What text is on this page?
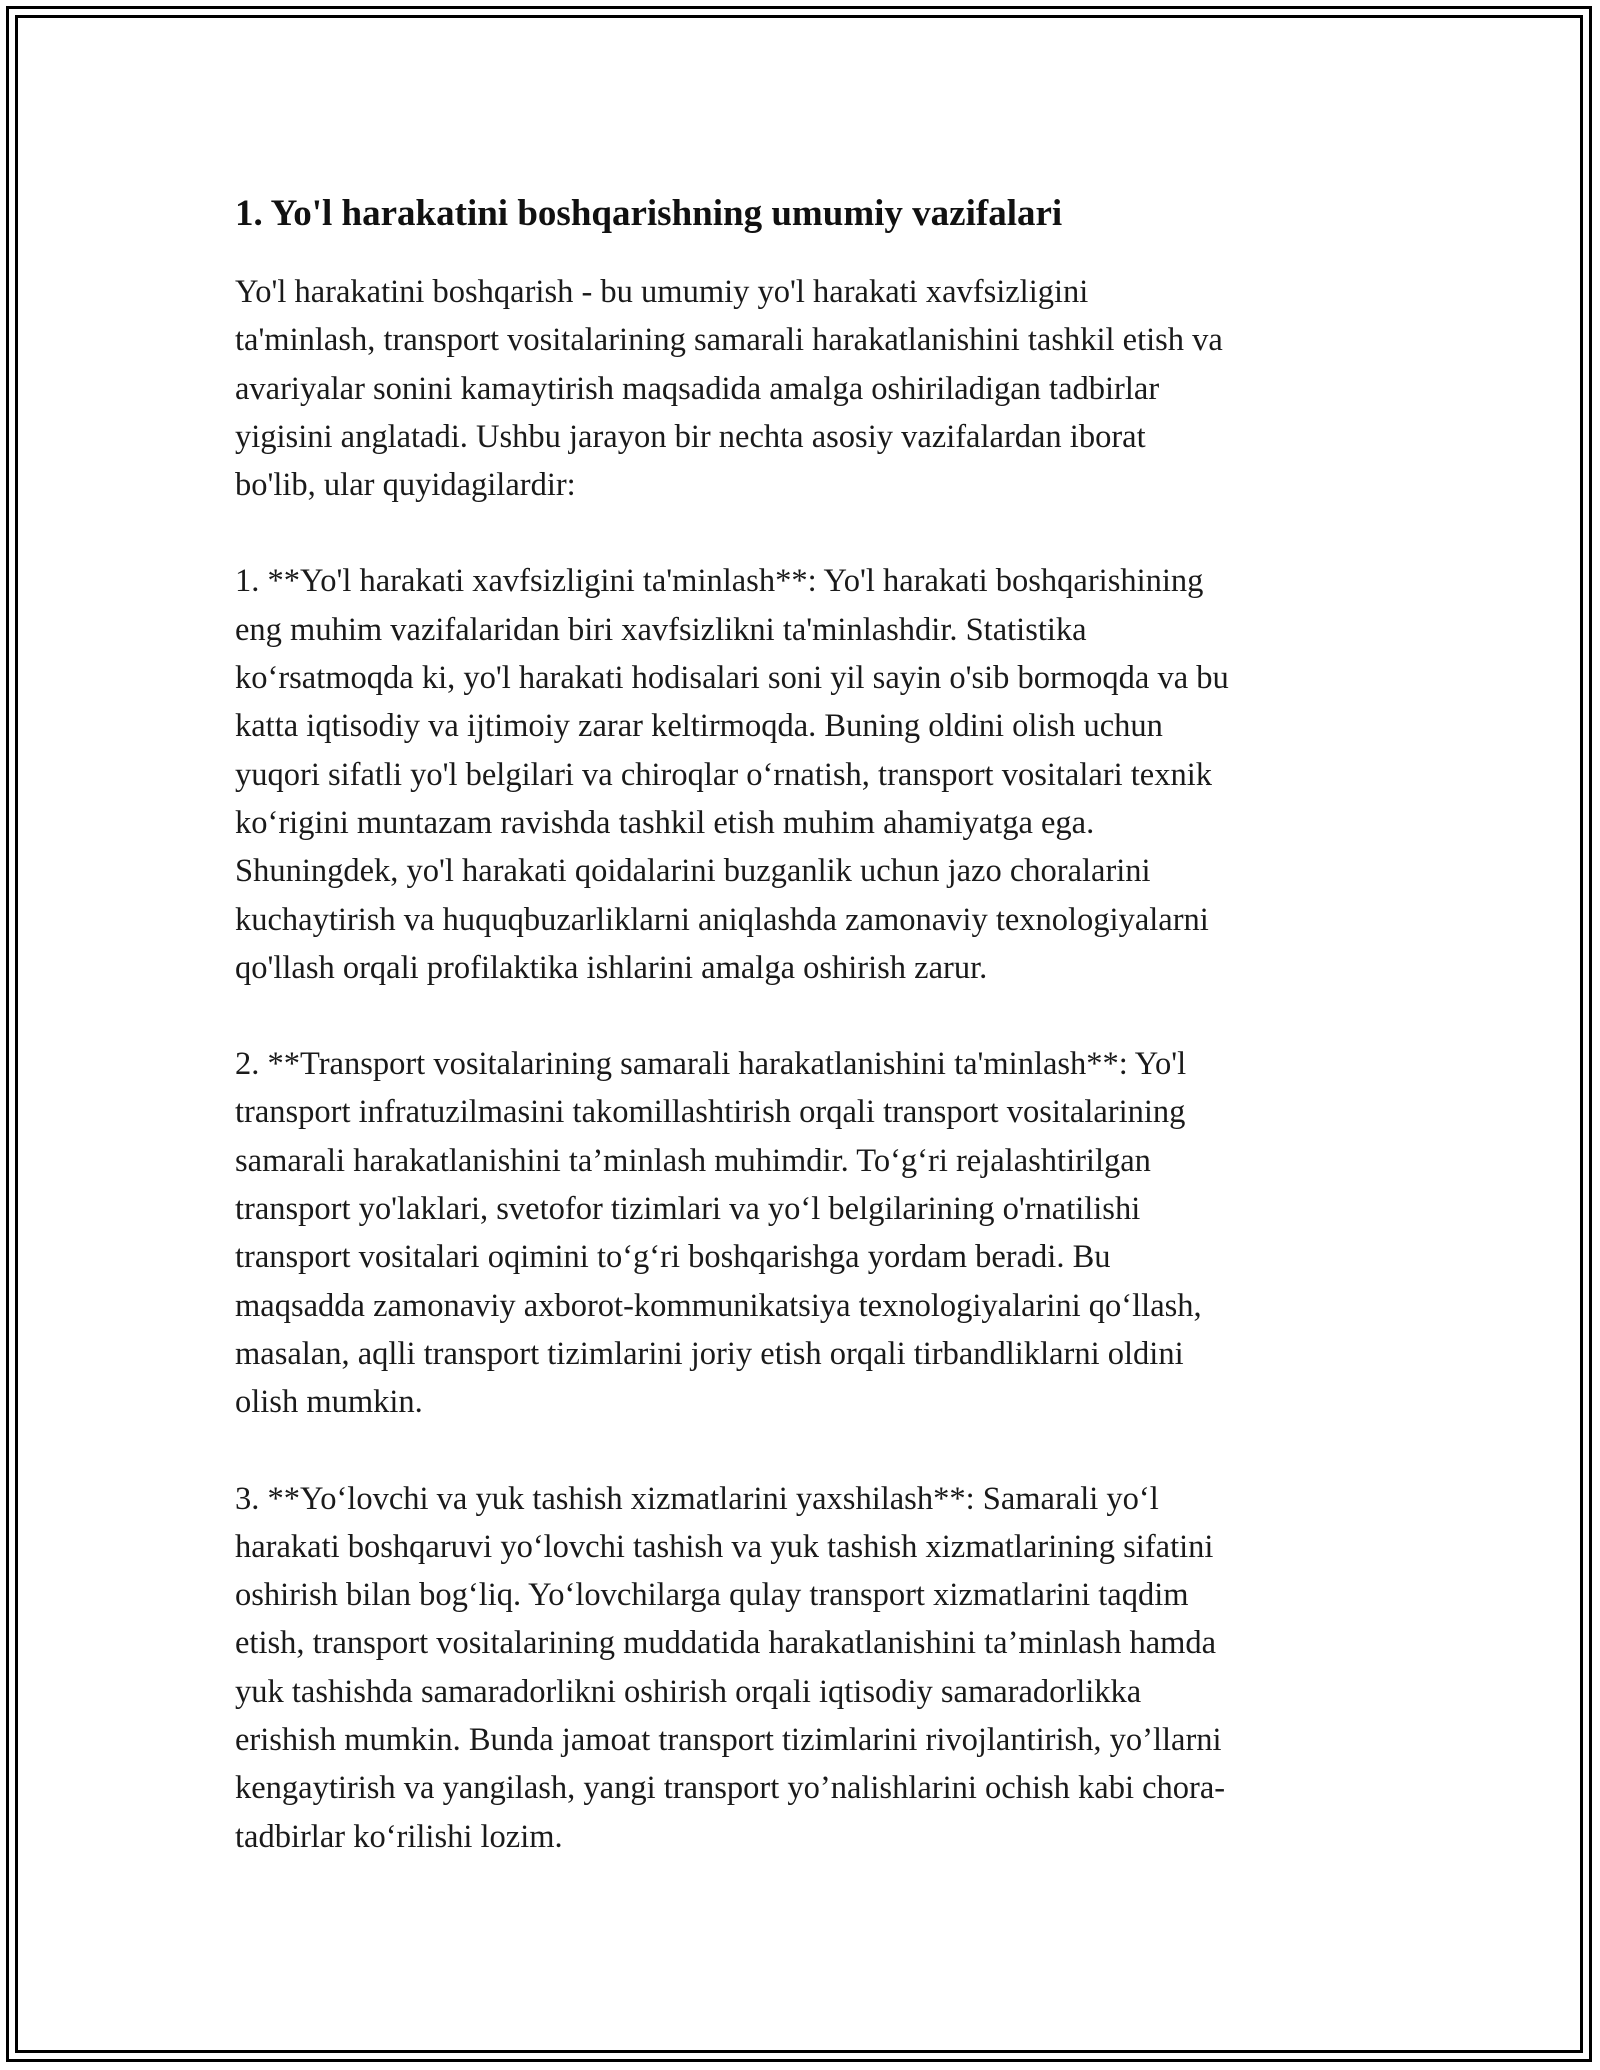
1. Yo'l harakatini boshqarishning umumiy vazifalari

Yo'l harakatini boshqarish - bu umumiy yo'l harakati xavfsizligini
ta'minlash, transport vositalarining samarali harakatlanishini tashkil etish va
avariyalar sonini kamaytirish maqsadida amalga oshiriladigan tadbirlar
yigisini anglatadi. Ushbu jarayon bir nechta asosiy vazifalardan iborat
bo'lib, ular quyidagilardir:

1. **Yo'l harakati xavfsizligini ta'minlash**: Yo'l harakati boshqarishining
eng muhim vazifalaridan biri xavfsizlikni ta'minlashdir. Statistika
ko‘rsatmoqda ki, yo'l harakati hodisalari soni yil sayin o'sib bormoqda va bu
katta iqtisodiy va ijtimoiy zarar keltirmoqda. Buning oldini olish uchun
yuqori sifatli yo'l belgilari va chiroqlar o‘rnatish, transport vositalari texnik
ko‘rigini muntazam ravishda tashkil etish muhim ahamiyatga ega.
Shuningdek, yo'l harakati qoidalarini buzganlik uchun jazo choralarini
kuchaytirish va huquqbuzarliklarni aniqlashda zamonaviy texnologiyalarni
qo'llash orqali profilaktika ishlarini amalga oshirish zarur.

2. **Transport vositalarining samarali harakatlanishini ta'minlash**: Yo'l
transport infratuzilmasini takomillashtirish orqali transport vositalarining
samarali harakatlanishini ta’minlash muhimdir. To‘g‘ri rejalashtirilgan
transport yo'laklari, svetofor tizimlari va yo‘l belgilarining o'rnatilishi
transport vositalari oqimini to‘g‘ri boshqarishga yordam beradi. Bu
maqsadda zamonaviy axborot-kommunikatsiya texnologiyalarini qo‘llash,
masalan, aqlli transport tizimlarini joriy etish orqali tirbandliklarni oldini
olish mumkin.

3. **Yo‘lovchi va yuk tashish xizmatlarini yaxshilash**: Samarali yo‘l
harakati boshqaruvi yo‘lovchi tashish va yuk tashish xizmatlarining sifatini
oshirish bilan bog‘liq. Yo‘lovchilarga qulay transport xizmatlarini taqdim
etish, transport vositalarining muddatida harakatlanishini ta’minlash hamda
yuk tashishda samaradorlikni oshirish orqali iqtisodiy samaradorlikka
erishish mumkin. Bunda jamoat transport tizimlarini rivojlantirish, yo’llarni
kengaytirish va yangilash, yangi transport yo’nalishlarini ochish kabi chora-
tadbirlar ko‘rilishi lozim.
